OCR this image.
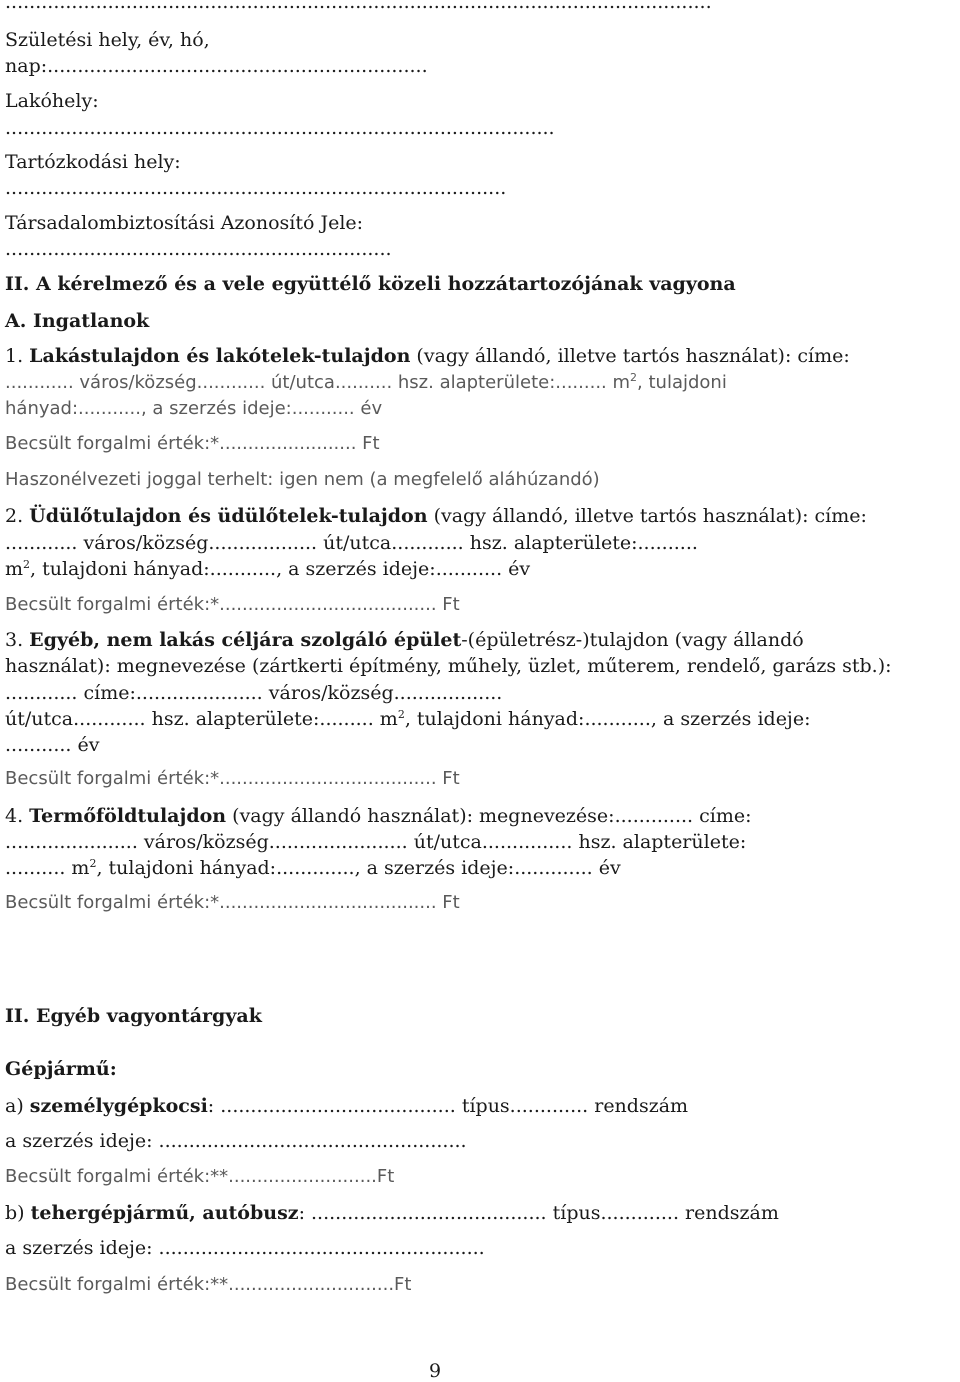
.....................................................................................................................
Születési hely, év, hó,
nap:...............................................................
Lakóhely:
...........................................................................................
Tartózkodási hely:
...................................................................................
Társadalombiztosítási Azonosító Jele:
................................................................
II. A kérelmező és a vele együttélő közeli hozzátartozójának vagyona
A. Ingatlanok
1. Lakástulajdon és lakótelek-tulajdon (vagy állandó, illetve tartós használat): címe:
............ város/község............ út/utca.......... hsz. alapterülete:......... $m^2$, tulajdoni
hányad:..........., a szerzés ideje:........... év
Becsült forgalmi érték:*........................ Ft
Haszonélvezeti joggal terhelt: igen nem (a megfelelő aláhúzandó)
2. Üdülőtulajdon és üdülőtelek-tulajdon (vagy állandó, illetve tartós használat): címe:
............ város/község.................. út/utca............ hsz. alapterülete:..........
$m^2$, tulajdoni hányad:..........., a szerzés ideje:........... év
Becsült forgalmi érték:*...................................... Ft
3. Egyéb, nem lakás céljára szolgáló épület-(épületrész-)tulajdon (vagy állandó
használat): megnevezése (zártkerti építmény, műhely, üzlet, műterem, rendelő, garázs stb.):
............ címe:..................... város/község..................
út/utca............ hsz. alapterülete:......... $m^2$, tulajdoni hányad:..........., a szerzés ideje:
........... év
Becsült forgalmi érték:*...................................... Ft
4. Termőföldtulajdon (vagy állandó használat): megnevezése:............. címe:
...................... város/község....................... út/utca............... hsz. alapterülete:
.......... $m^2$, tulajdoni hányad:............., a szerzés ideje:............. év
Becsült forgalmi érték:*...................................... Ft
II. Egyéb vagyontárgyak
Gépjármű:
a) személygépkocsi: ....................................... típus............. rendszám
a szerzés ideje: ...................................................
Becsült forgalmi érték:**..........................Ft
b) tehergépjármű, autóbusz: ....................................... típus............. rendszám
a szerzés ideje: ......................................................
Becsült forgalmi érték:**.............................Ft
9
